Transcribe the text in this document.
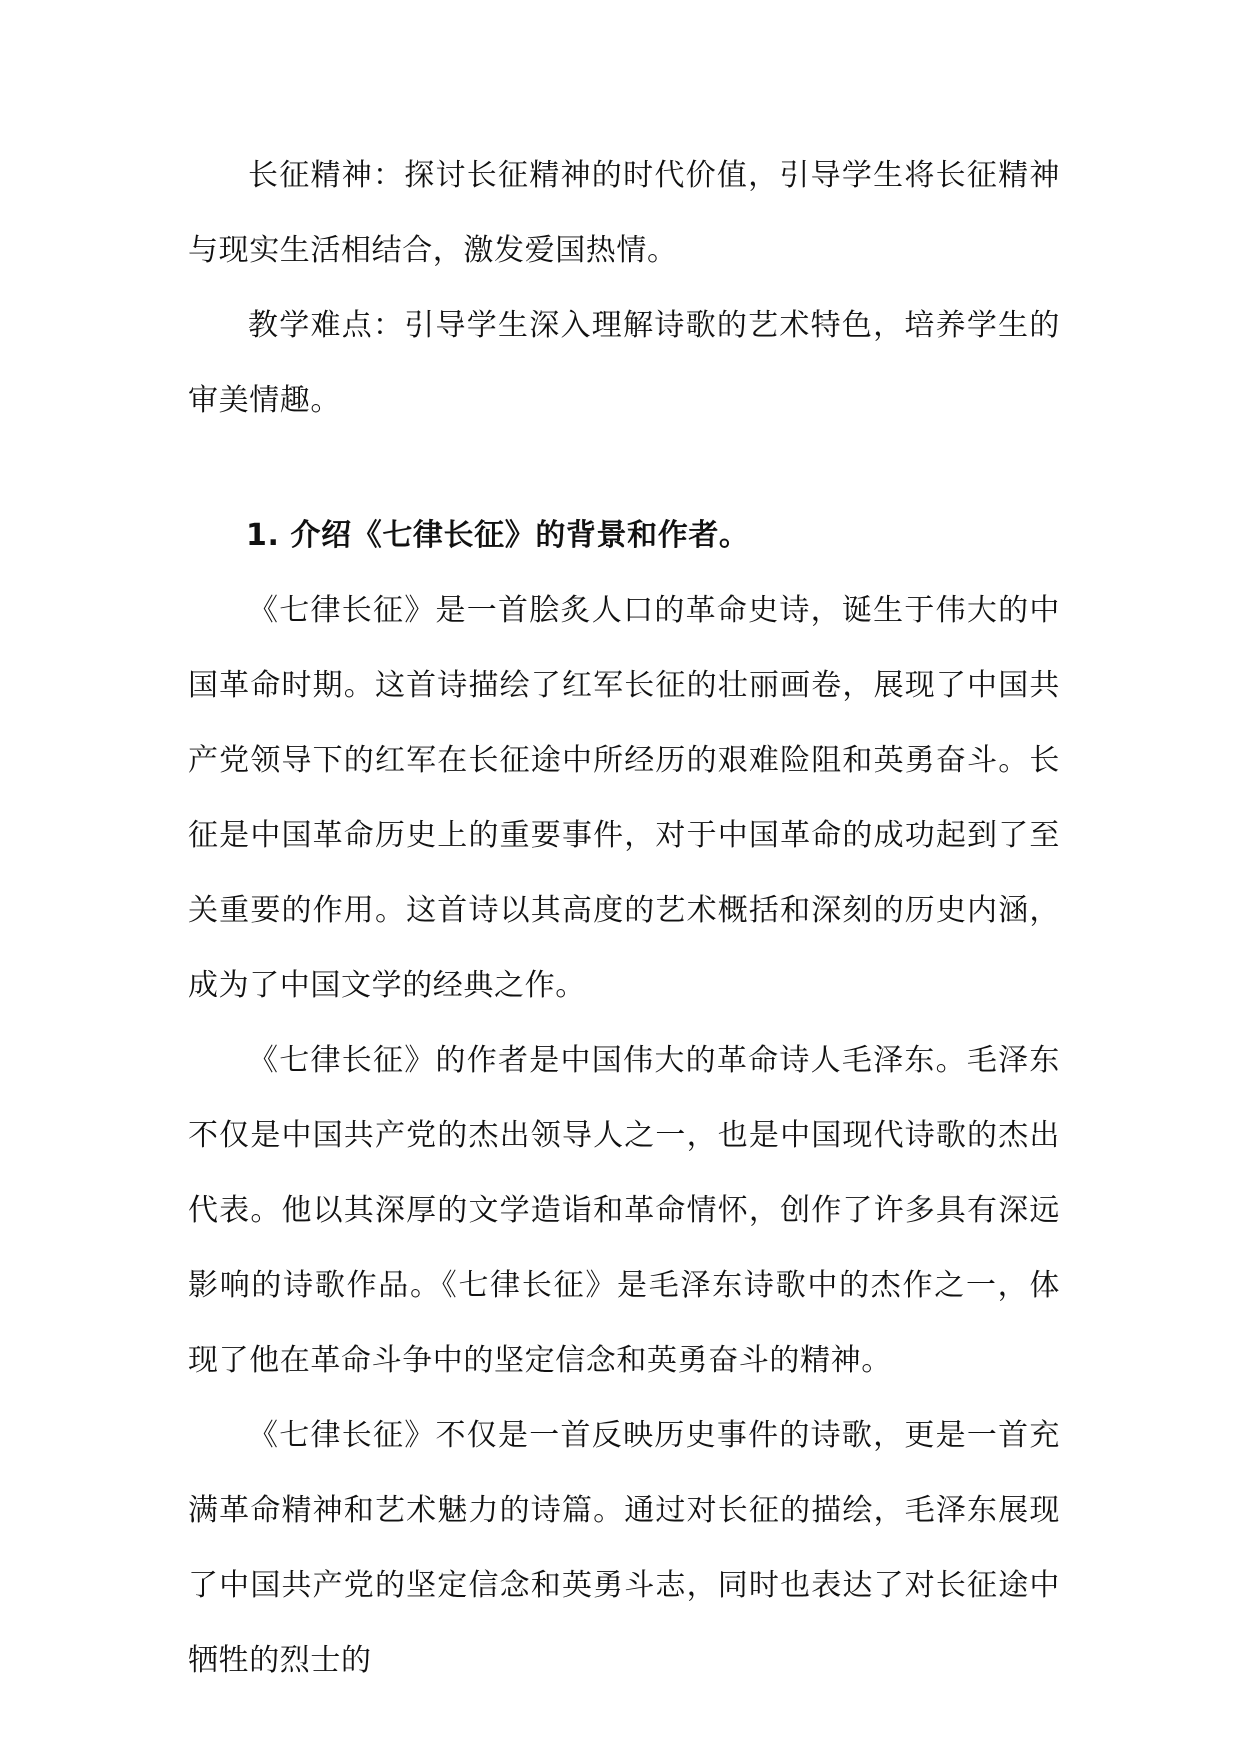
长征精神：探讨长征精神的时代价值，引导学生将长征精神与现实生活相结合，激发爱国热情。

教学难点：引导学生深入理解诗歌的艺术特色，培养学生的审美情趣。

1. 介绍《七律长征》的背景和作者。

《七律长征》是一首脍炙人口的革命史诗，诞生于伟大的中国革命时期。这首诗描绘了红军长征的壮丽画卷，展现了中国共产党领导下的红军在长征途中所经历的艰难险阻和英勇奋斗。长征是中国革命历史上的重要事件，对于中国革命的成功起到了至关重要的作用。这首诗以其高度的艺术概括和深刻的历史内涵，成为了中国文学的经典之作。

《七律长征》的作者是中国伟大的革命诗人毛泽东。毛泽东不仅是中国共产党的杰出领导人之一，也是中国现代诗歌的杰出代表。他以其深厚的文学造诣和革命情怀，创作了许多具有深远影响的诗歌作品。《七律长征》是毛泽东诗歌中的杰作之一，体现了他在革命斗争中的坚定信念和英勇奋斗的精神。

《七律长征》不仅是一首反映历史事件的诗歌，更是一首充满革命精神和艺术魅力的诗篇。通过对长征的描绘，毛泽东展现了中国共产党的坚定信念和英勇斗志，同时也表达了对长征途中牺牲的烈士的
